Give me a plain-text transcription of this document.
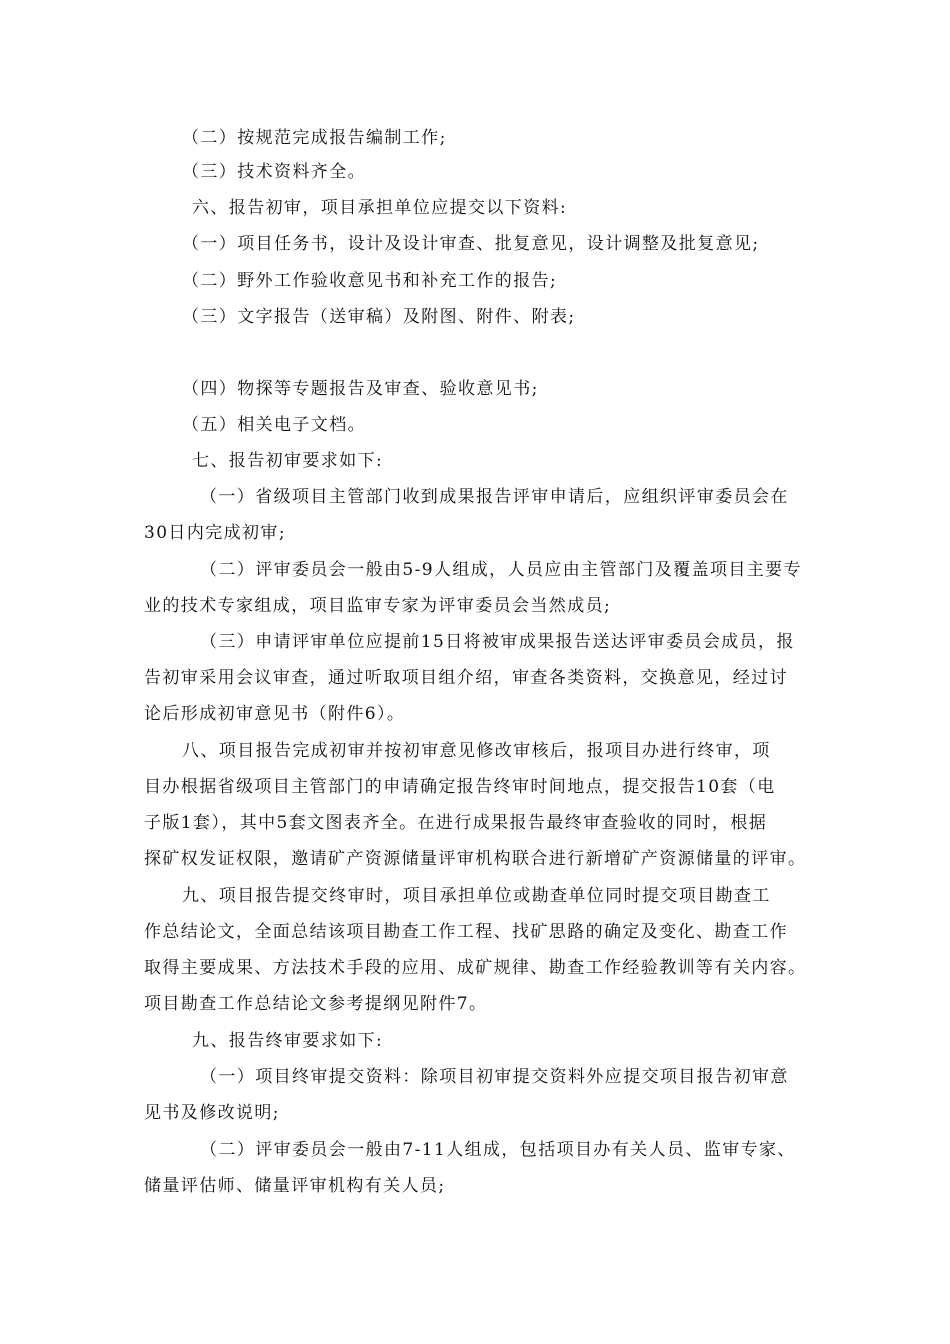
（二）按规范完成报告编制工作;
（三）技术资料齐全。
六、报告初审，项目承担单位应提交以下资料:
（一）项目任务书，设计及设计审查、批复意见，设计调整及批复意见;
（二）野外工作验收意见书和补充工作的报告;
（三）文字报告（送审稿）及附图、附件、附表;
（四）物探等专题报告及审查、验收意见书;
（五）相关电子文档。
七、报告初审要求如下:
（一）省级项目主管部门收到成果报告评审申请后，应组织评审委员会在
30日内完成初审;
（二）评审委员会一般由5-9人组成，人员应由主管部门及覆盖项目主要专
业的技术专家组成，项目监审专家为评审委员会当然成员;
（三）申请评审单位应提前15日将被审成果报告送达评审委员会成员，报
告初审采用会议审查，通过听取项目组介绍，审查各类资料，交换意见，经过讨
论后形成初审意见书（附件6）。
八、项目报告完成初审并按初审意见修改审核后，报项目办进行终审，项
目办根据省级项目主管部门的申请确定报告终审时间地点，提交报告10套（电
子版1套），其中5套文图表齐全。在进行成果报告最终审查验收的同时，根据
探矿权发证权限，邀请矿产资源储量评审机构联合进行新增矿产资源储量的评审。
九、项目报告提交终审时，项目承担单位或勘查单位同时提交项目勘查工
作总结论文，全面总结该项目勘查工作工程、找矿思路的确定及变化、勘查工作
取得主要成果、方法技术手段的应用、成矿规律、勘查工作经验教训等有关内容。
项目勘查工作总结论文参考提纲见附件7。
九、报告终审要求如下:
（一）项目终审提交资料：除项目初审提交资料外应提交项目报告初审意
见书及修改说明;
（二）评审委员会一般由7-11人组成，包括项目办有关人员、监审专家、
储量评估师、储量评审机构有关人员;
